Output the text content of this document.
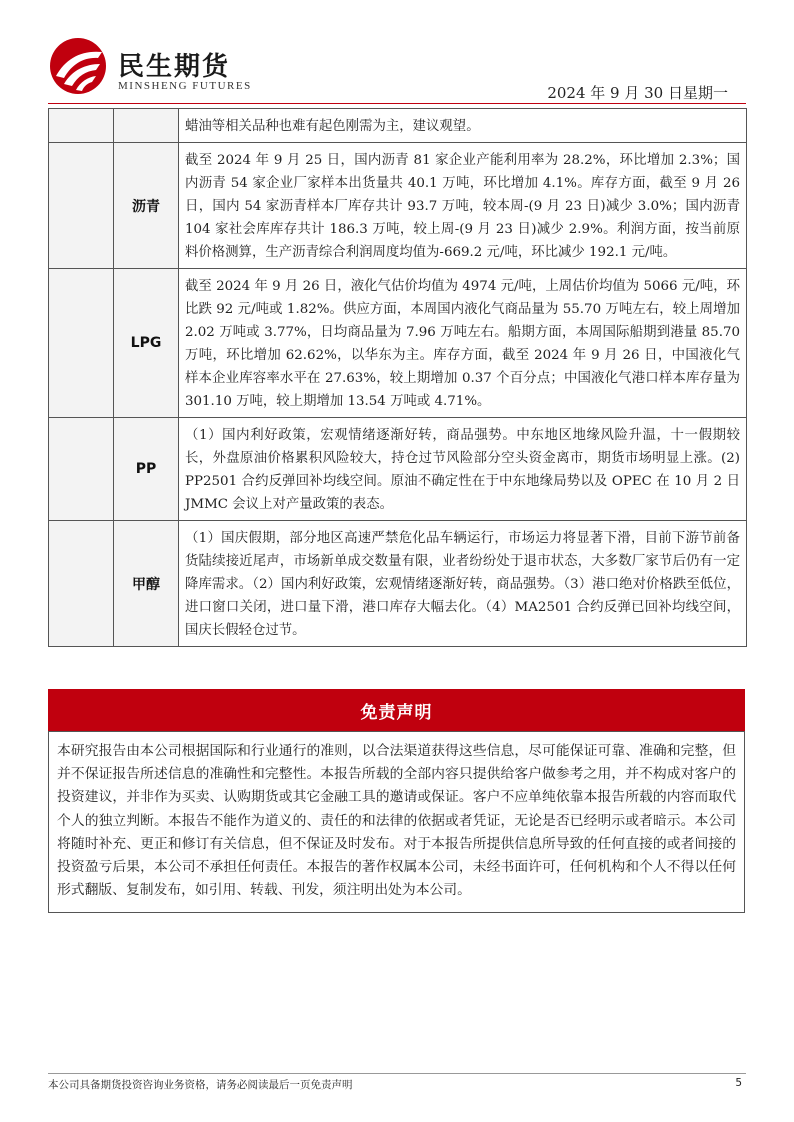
民生期货
MINSHENG FUTURES	2024 年 9 月 30 日星期一
蜡油等相关品种也难有起色刚需为主，建议观望。
沥青
截至 2024 年 9 月 25 日，国内沥青 81 家企业产能利用率为 28.2%，环比增加 2.3%；国内沥青 54 家企业厂家样本出货量共 40.1 万吨，环比增加 4.1%。库存方面，截至 9 月 26 日，国内 54 家沥青样本厂库存共计 93.7 万吨，较本周-(9 月 23 日)减少 3.0%；国内沥青 104 家社会库库存共计 186.3 万吨，较上周-(9 月 23 日)减少 2.9%。利润方面，按当前原料价格测算，生产沥青综合利润周度均值为-669.2 元/吨，环比减少 192.1 元/吨。
LPG
截至 2024 年 9 月 26 日，液化气估价均值为 4974 元/吨，上周估价均值为 5066 元/吨，环比跌 92 元/吨或 1.82%。供应方面，本周国内液化气商品量为 55.70 万吨左右，较上周增加 2.02 万吨或 3.77%，日均商品量为 7.96 万吨左右。船期方面，本周国际船期到港量 85.70 万吨，环比增加 62.62%，以华东为主。库存方面，截至 2024 年 9 月 26 日，中国液化气样本企业库容率水平在 27.63%，较上期增加 0.37 个百分点；中国液化气港口样本库存量为 301.10 万吨，较上期增加 13.54 万吨或 4.71%。
PP
（1）国内利好政策，宏观情绪逐渐好转，商品强势。中东地区地缘风险升温，十一假期较长，外盘原油价格累积风险较大，持仓过节风险部分空头资金离市，期货市场明显上涨。(2) PP2501 合约反弹回补均线空间。原油不确定性在于中东地缘局势以及 OPEC 在 10 月 2 日 JMMC 会议上对产量政策的表态。
甲醇
（1）国庆假期，部分地区高速严禁危化品车辆运行，市场运力将显著下滑，目前下游节前备货陆续接近尾声，市场新单成交数量有限，业者纷纷处于退市状态，大多数厂家节后仍有一定降库需求。（2）国内利好政策，宏观情绪逐渐好转，商品强势。（3）港口绝对价格跌至低位，进口窗口关闭，进口量下滑，港口库存大幅去化。（4）MA2501 合约反弹已回补均线空间，国庆长假轻仓过节。
免责声明
本研究报告由本公司根据国际和行业通行的准则，以合法渠道获得这些信息，尽可能保证可靠、准确和完整，但并不保证报告所述信息的准确性和完整性。本报告所载的全部内容只提供给客户做参考之用，并不构成对客户的投资建议，并非作为买卖、认购期货或其它金融工具的邀请或保证。客户不应单纯依靠本报告所载的内容而取代个人的独立判断。本报告不能作为道义的、责任的和法律的依据或者凭证，无论是否已经明示或者暗示。本公司将随时补充、更正和修订有关信息，但不保证及时发布。对于本报告所提供信息所导致的任何直接的或者间接的投资盈亏后果，本公司不承担任何责任。本报告的著作权属本公司，未经书面许可，任何机构和个人不得以任何形式翻版、复制发布，如引用、转载、刊发，须注明出处为本公司。
本公司具备期货投资咨询业务资格，请务必阅读最后一页免责声明	5
